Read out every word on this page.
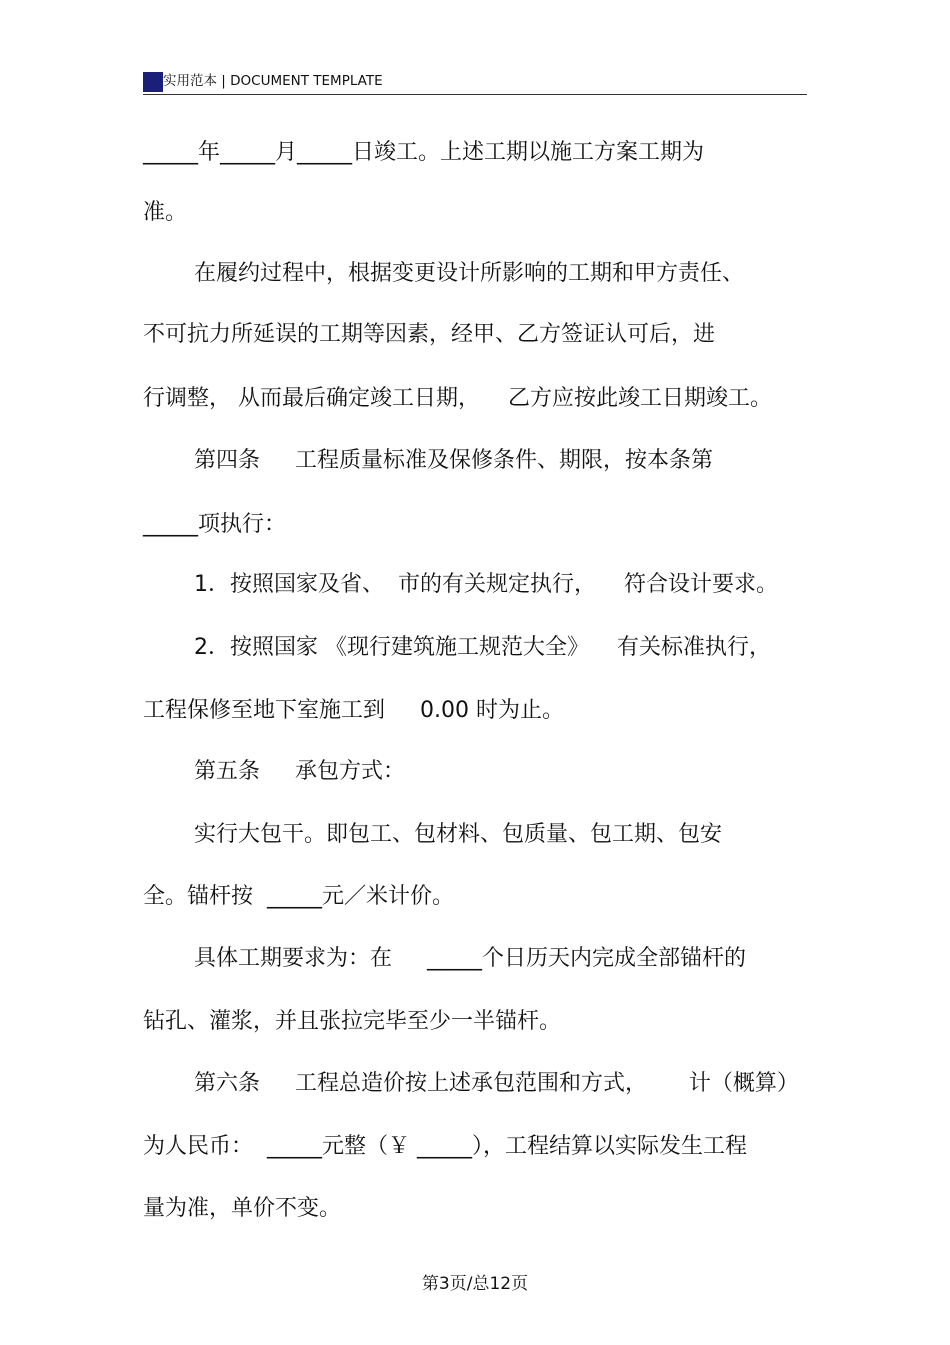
实用范本 | DOCUMENT TEMPLATE
_____年_____月_____日竣工。上述工期以施工方案工期为
准。
在履约过程中，根据变更设计所影响的工期和甲方责任、
不可抗力所延误的工期等因素，经甲、乙方签证认可后，进
行调整， 从而最后确定竣工日期，    乙方应按此竣工日期竣工。
第四条     工程质量标准及保修条件、期限，按本条第
_____项执行：
1．按照国家及省、  市的有关规定执行，    符合设计要求。
2．按照国家 《现行建筑施工规范大全》    有关标准执行，
工程保修至地下室施工到     0.00 时为止。
第五条     承包方式：
实行大包干。即包工、包材料、包质量、包工期、包安
全。锚杆按  _____元／米计价。
具体工期要求为：在     _____个日历天内完成全部锚杆的
钻孔、灌浆，并且张拉完毕至少一半锚杆。
第六条     工程总造价按上述承包范围和方式，      计（概算）
为人民币：  _____元整（￥ _____），工程结算以实际发生工程
量为准，单价不变。
第3页/总12页
